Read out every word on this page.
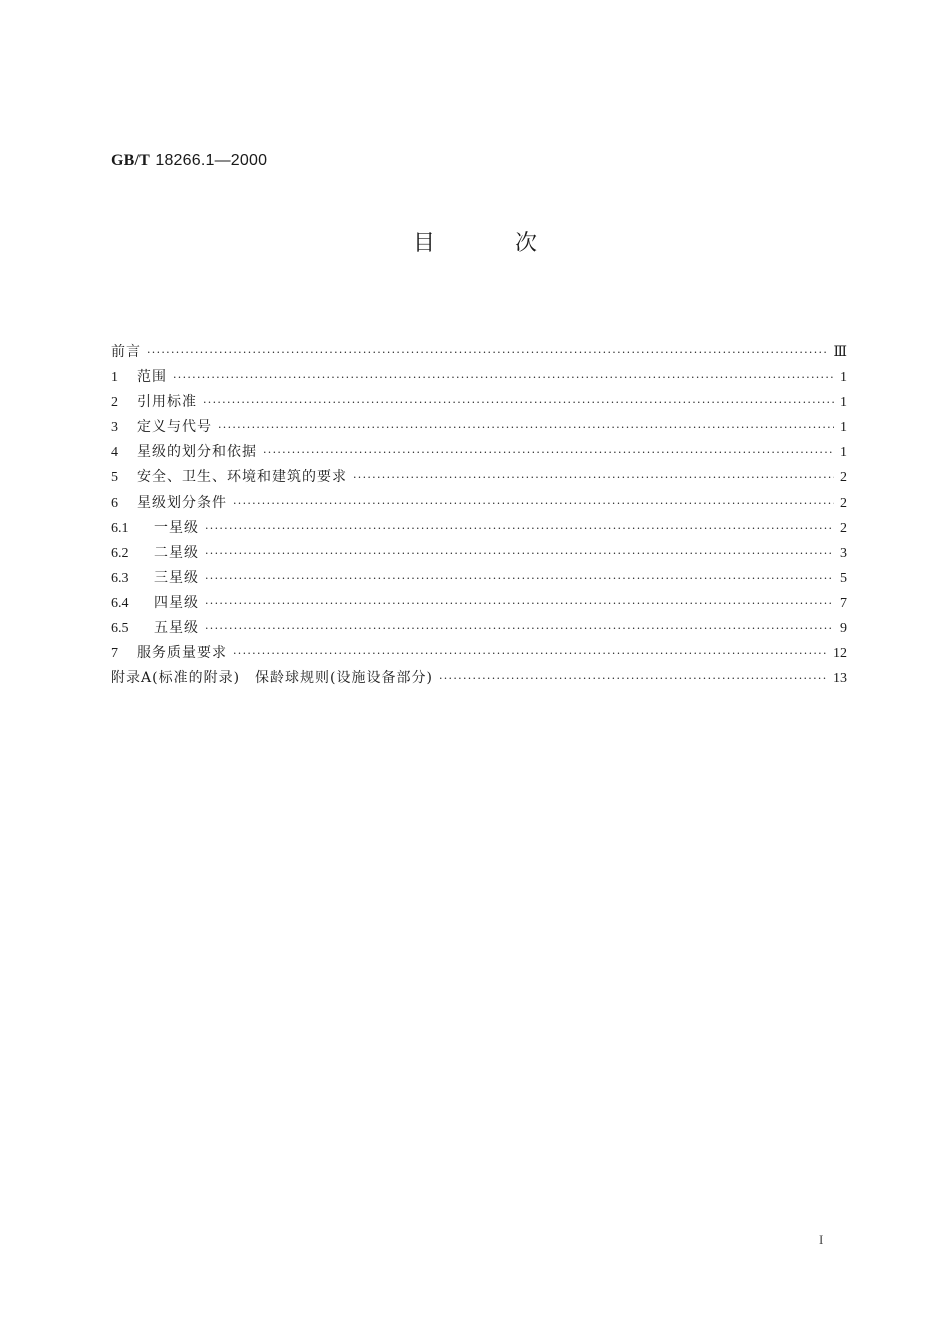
GB/T 18266.1—2000
目次
前言 ·····	Ⅲ
1	范围 ·····	1
2	引用标准 ·····	1
3	定义与代号 ·····	1
4	星级的划分和依据 ·····	1
5	安全、卫生、环境和建筑的要求 ·····	2
6	星级划分条件 ·····	2
6.1	一星级 ·····	2
6.2	二星级 ·····	3
6.3	三星级 ·····	5
6.4	四星级 ·····	7
6.5	五星级 ·····	9
7	服务质量要求 ·····	12
附录A(标准的附录)　保龄球规则(设施设备部分) ·····	13
I
